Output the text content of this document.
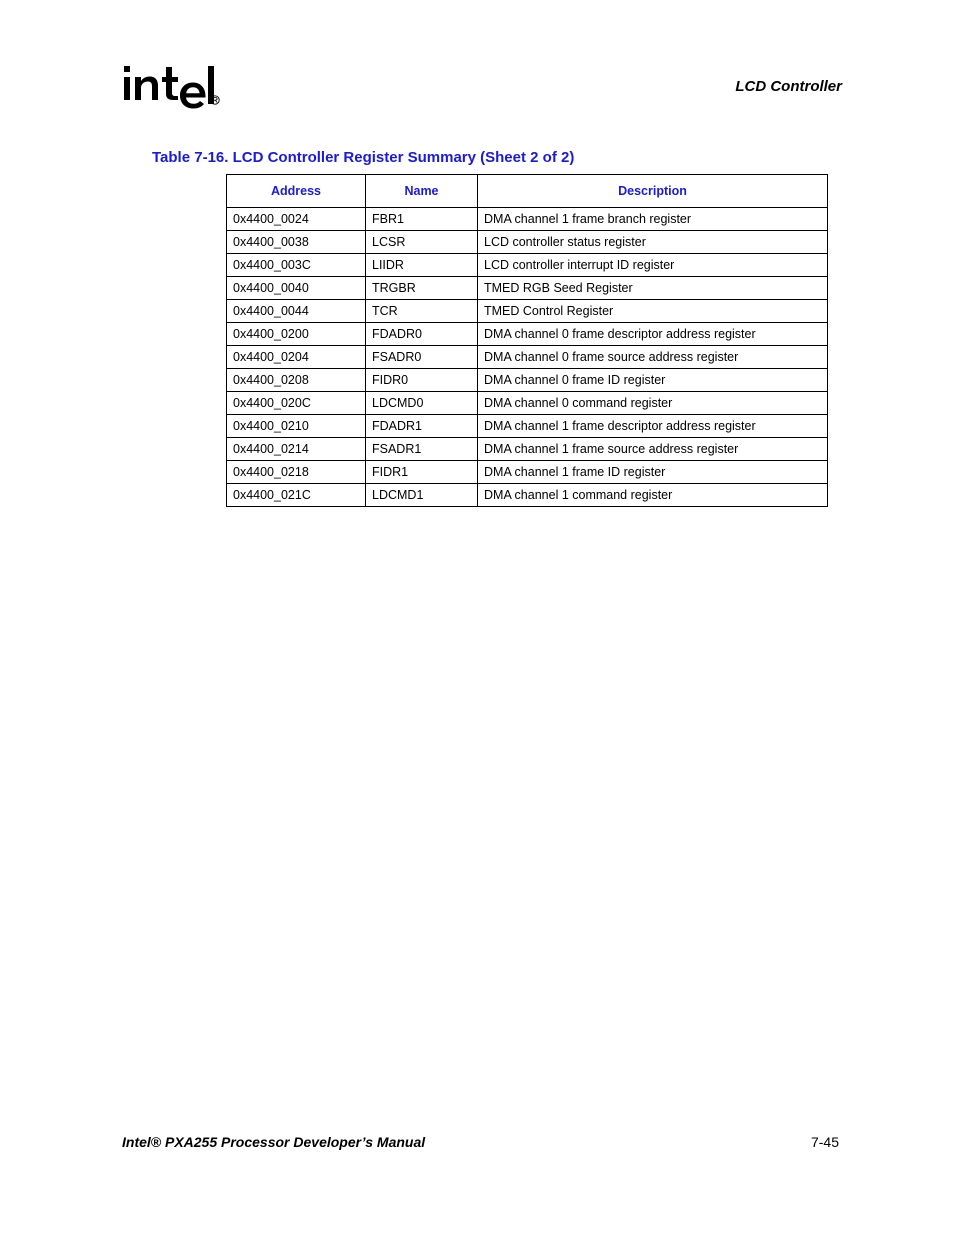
LCD Controller
Table 7-16. LCD Controller Register Summary (Sheet 2 of 2)
Address	Name	Description
0x4400_0024	FBR1	DMA channel 1 frame branch register
0x4400_0038	LCSR	LCD controller status register
0x4400_003C	LIIDR	LCD controller interrupt ID register
0x4400_0040	TRGBR	TMED RGB Seed Register
0x4400_0044	TCR	TMED Control Register
0x4400_0200	FDADR0	DMA channel 0 frame descriptor address register
0x4400_0204	FSADR0	DMA channel 0 frame source address register
0x4400_0208	FIDR0	DMA channel 0 frame ID register
0x4400_020C	LDCMD0	DMA channel 0 command register
0x4400_0210	FDADR1	DMA channel 1 frame descriptor address register
0x4400_0214	FSADR1	DMA channel 1 frame source address register
0x4400_0218	FIDR1	DMA channel 1 frame ID register
0x4400_021C	LDCMD1	DMA channel 1 command register
Intel® PXA255 Processor Developer’s Manual	7-45
